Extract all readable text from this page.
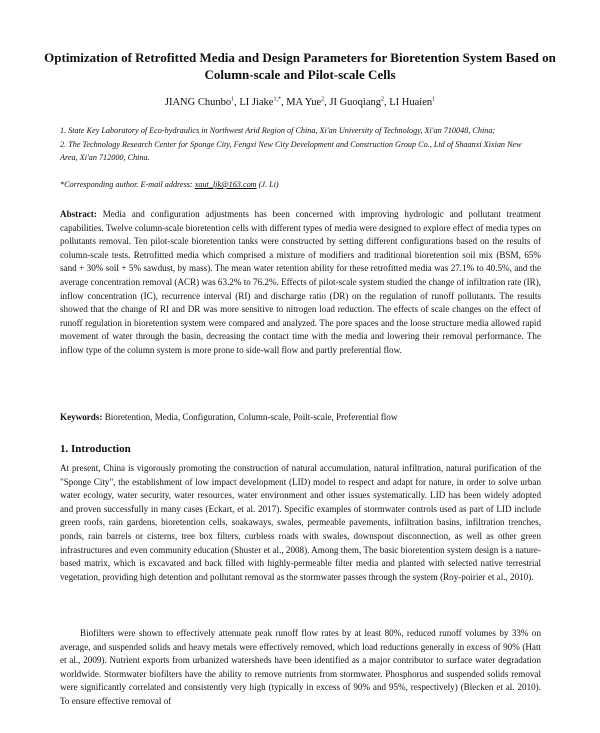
Optimization of Retrofitted Media and Design Parameters for Bioretention System Based on Column-scale and Pilot-scale Cells
JIANG Chunbo$^1$, LI Jiake$^{1,*}$, MA Yue$^2$, JI Guoqiang$^2$, LI Huaien$^1$
1. State Key Laboratory of Eco-hydraulics in Northwest Arid Region of China, Xi'an University of Technology, Xi'an 710048, China;
2. The Technology Research Center for Sponge City, Fengxi New City Development and Construction Group Co., Ltd of Shaanxi Xixian New Area, Xi'an 712000, China.
*Corresponding author. E-mail address: xaut_ljk@163.com (J. Li)

Abstract: Media and configuration adjustments has been concerned with improving hydrologic and pollutant treatment capabilities. Twelve column-scale bioretention cells with different types of media were designed to explore effect of media types on pollutants removal. Ten pilot-scale bioretention tanks were constructed by setting different configurations based on the results of column-scale tests. Retrofitted media which comprised a mixture of modifiers and traditional bioretention soil mix (BSM, 65% sand + 30% soil + 5% sawdust, by mass). The mean water retention ability for these retrofitted media was 27.1% to 40.5%, and the average concentration removal (ACR) was 63.2% to 76.2%. Effects of pilot-scale system studied the change of infiltration rate (IR), inflow concentration (IC), recurrence interval (RI) and discharge ratio (DR) on the regulation of runoff pollutants. The results showed that the change of RI and DR was more sensitive to nitrogen load reduction. The effects of scale changes on the effect of runoff regulation in bioretention system were compared and analyzed. The pore spaces and the loose structure media allowed rapid movement of water through the basin, decreasing the contact time with the media and lowering their removal performance. The inflow type of the column system is more prone to side-wall flow and partly preferential flow.

Keywords: Bioretention, Media, Configuration, Column-scale, Poilt-scale, Preferential flow

1. Introduction

At present, China is vigorously promoting the construction of natural accumulation, natural infiltration, natural purification of the "Sponge City", the establishment of low impact development (LID) model to respect and adapt for nature, in order to solve urban water ecology, water security, water resources, water environment and other issues systematically. LID has been widely adopted and proven successfully in many cases (Eckart, et al. 2017). Specific examples of stormwater controls used as part of LID include green roofs, rain gardens, bioretention cells, soakaways, swales, permeable pavements, infiltration basins, infiltration trenches, ponds, rain barrels or cisterns, tree box filters, curbless roads with swales, downspout disconnection, as well as other green infrastructures and even community education (Shuster et al., 2008). Among them, The basic bioretention system design is a nature-based matrix, which is excavated and back filled with highly-permeable filter media and planted with selected native terrestrial vegetation, providing high detention and pollutant removal as the stormwater passes through the system (Roy-poirier et al., 2010).

Biofilters were shown to effectively attenuate peak runoff flow rates by at least 80%, reduced runoff volumes by 33% on average, and suspended solids and heavy metals were effectively removed, which load reductions generally in excess of 90% (Hatt et al., 2009). Nutrient exports from urbanized watersheds have been identified as a major contributor to surface water degradation worldwide. Stormwater biofilters have the ability to remove nutrients from stormwater. Phosphorus and suspended solids removal were significantly correlated and consistently very high (typically in excess of 90% and 95%, respectively) (Blecken et al. 2010). To ensure effective removal of
